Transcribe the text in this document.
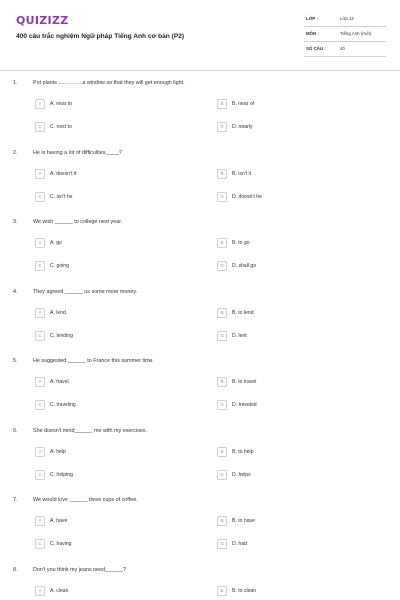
QUIZIZZ
400 câu trắc nghiệm Ngữ pháp Tiếng Anh cơ bản (P2)
LỚP :	Lớp 12
MÔN :	Tiếng Anh (mới)
SỐ CÂU :	40
1.	Put plants ............... a window so that they will get enough light.
A	A. near to	B	B. near of
C	C. next to	D	D. nearly
2.	He is having a lot of difficulties,____?
A	A. doesn't it	B	B. isn't it
C	C. isn't he	D	D. doesn't he
3.	We wish ______ to college next year.
A	A. go	B	B. to go
C	C. going	D	D. shall go
4.	They agreed ______ us some more money.
A	A. lend	B	B. to lend
C	C. lending	D	D. lent
5.	He suggested ______ to France this summer time.
A	A. travel	B	B. to travel
C	C. traveling	D	D. traveled
6.	She doesn't mind______ me with my exercises.
A	A. help	B	B. to help
C	C. helping	D	D. helps
7.	We would love ______ three cups of coffee.
A	A. have	B	B. to have
C	C. having	D	D. had
8.	Don't you think my jeans need______?
A	A. clean	B	B. to clean
